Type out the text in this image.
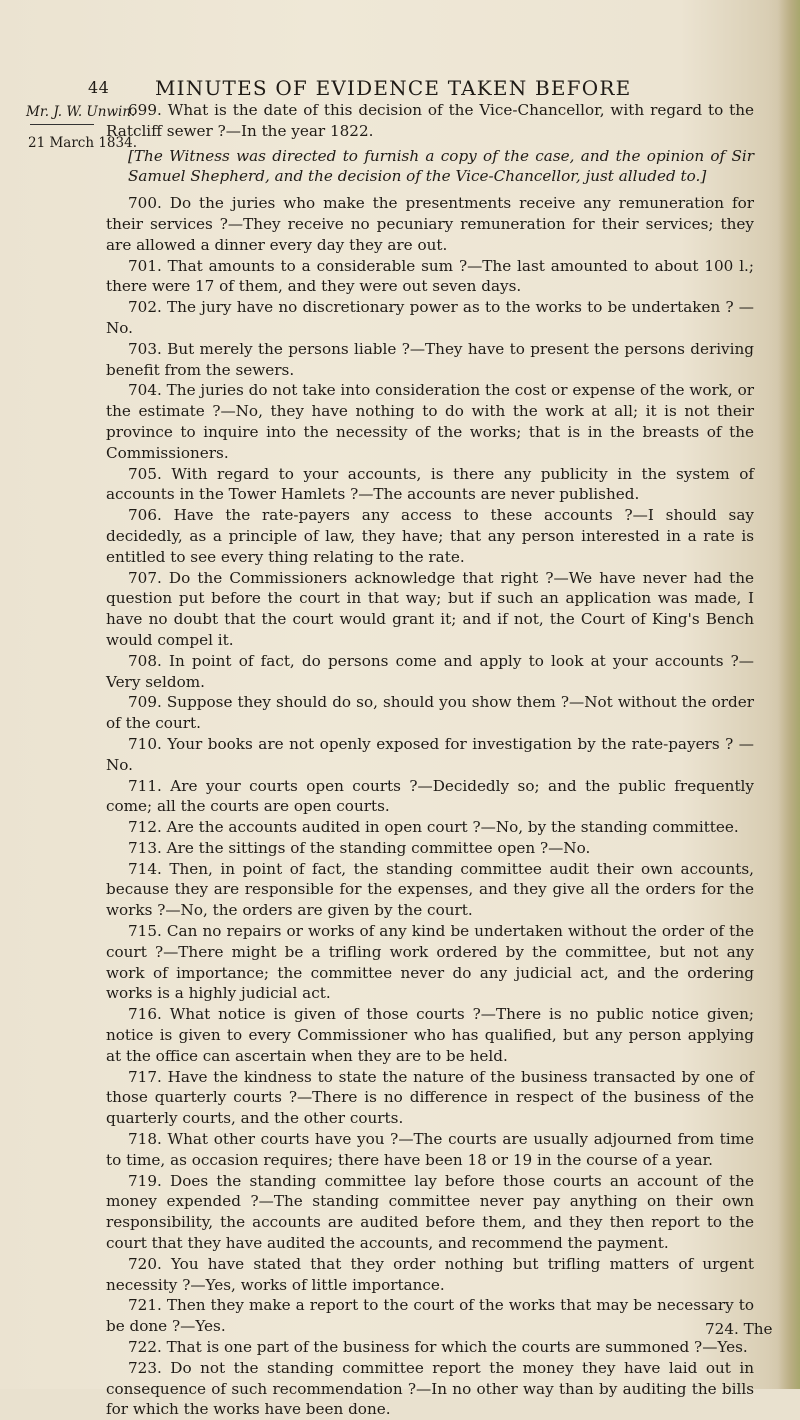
44 MINUTES OF EVIDENCE TAKEN BEFORE
Mr. J. W. Unwin.
21 March 1834.

699. What is the date of this decision of the Vice-Chancellor, with regard to the Ratcliff sewer ?—In the year 1822.

[The Witness was directed to furnish a copy of the case, and the opinion of Sir Samuel Shepherd, and the decision of the Vice-Chancellor, just alluded to.]

700. Do the juries who make the presentments receive any remuneration for their services ?—They receive no pecuniary remuneration for their services; they are allowed a dinner every day they are out.

701. That amounts to a considerable sum ?—The last amounted to about 100 l.; there were 17 of them, and they were out seven days.

702. The jury have no discretionary power as to the works to be undertaken ? —No.

703. But merely the persons liable ?—They have to present the persons deriving benefit from the sewers.

704. The juries do not take into consideration the cost or expense of the work, or the estimate ?—No, they have nothing to do with the work at all; it is not their province to inquire into the necessity of the works; that is in the breasts of the Commissioners.

705. With regard to your accounts, is there any publicity in the system of accounts in the Tower Hamlets ?—The accounts are never published.

706. Have the rate-payers any access to these accounts ?—I should say decidedly, as a principle of law, they have; that any person interested in a rate is entitled to see every thing relating to the rate.

707. Do the Commissioners acknowledge that right ?—We have never had the question put before the court in that way; but if such an application was made, I have no doubt that the court would grant it; and if not, the Court of King's Bench would compel it.

708. In point of fact, do persons come and apply to look at your accounts ?— Very seldom.

709. Suppose they should do so, should you show them ?—Not without the order of the court.

710. Your books are not openly exposed for investigation by the rate-payers ? —No.

711. Are your courts open courts ?—Decidedly so; and the public frequently come; all the courts are open courts.

712. Are the accounts audited in open court ?—No, by the standing committee.

713. Are the sittings of the standing committee open ?—No.

714. Then, in point of fact, the standing committee audit their own accounts, because they are responsible for the expenses, and they give all the orders for the works ?—No, the orders are given by the court.

715. Can no repairs or works of any kind be undertaken without the order of the court ?—There might be a trifling work ordered by the committee, but not any work of importance; the committee never do any judicial act, and the ordering works is a highly judicial act.

716. What notice is given of those courts ?—There is no public notice given; notice is given to every Commissioner who has qualified, but any person applying at the office can ascertain when they are to be held.

717. Have the kindness to state the nature of the business transacted by one of those quarterly courts ?—There is no difference in respect of the business of the quarterly courts, and the other courts.

718. What other courts have you ?—The courts are usually adjourned from time to time, as occasion requires; there have been 18 or 19 in the course of a year.

719. Does the standing committee lay before those courts an account of the money expended ?—The standing committee never pay anything on their own responsibility, the accounts are audited before them, and they then report to the court that they have audited the accounts, and recommend the payment.

720. You have stated that they order nothing but trifling matters of urgent necessity ?—Yes, works of little importance.

721. Then they make a report to the court of the works that may be necessary to be done ?—Yes.

722. That is one part of the business for which the courts are summoned ?—Yes.

723. Do not the standing committee report the money they have laid out in consequence of such recommendation ?—In no other way than by auditing the bills for which the works have been done.

724. The
